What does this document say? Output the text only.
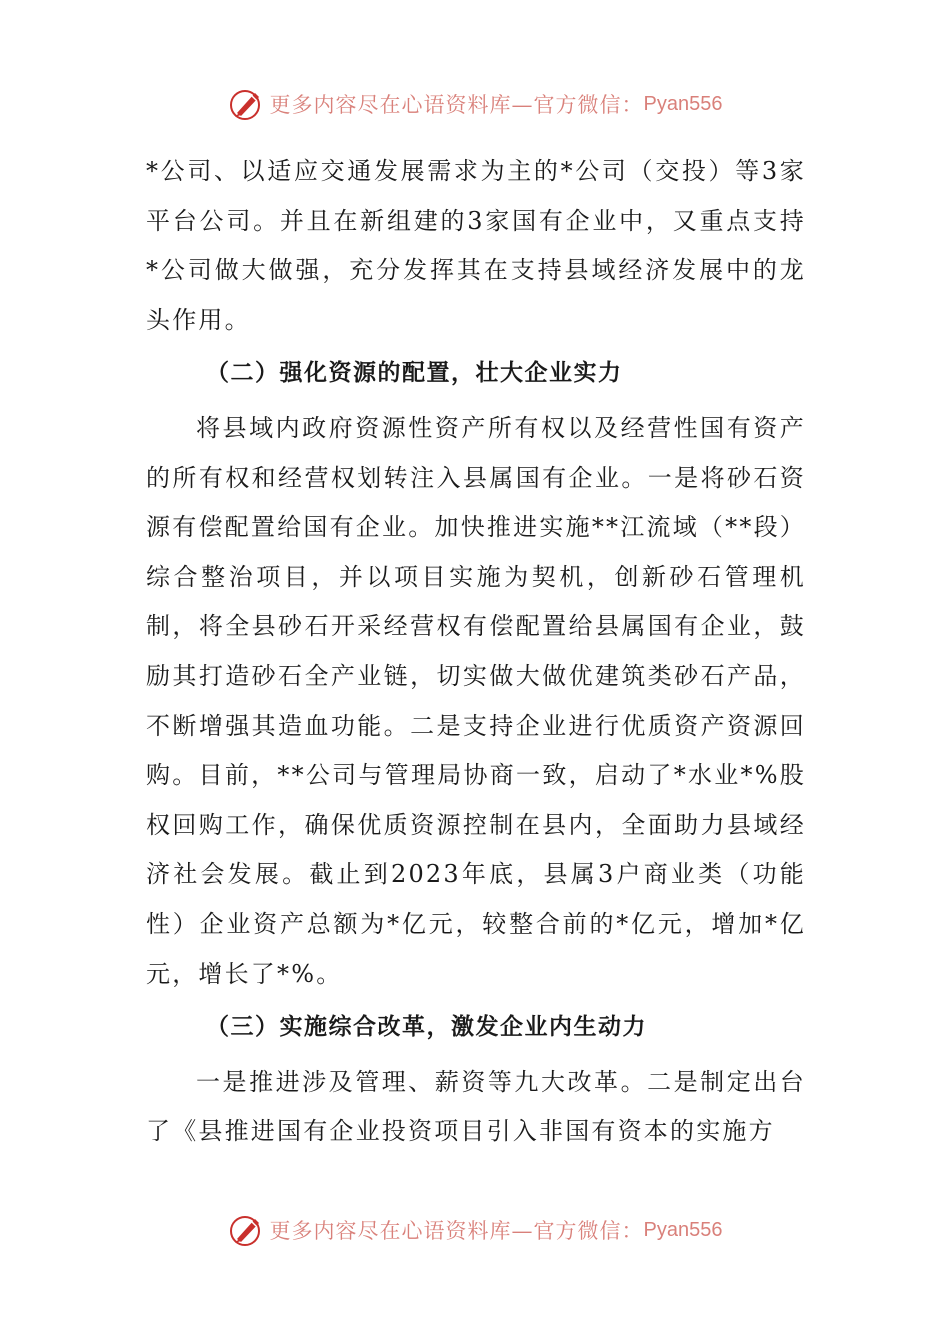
更多内容尽在心语资料库—官方微信： Pyan556

*公司、以适应交通发展需求为主的*公司（交投）等3家平台公司。并且在新组建的3家国有企业中，又重点支持*公司做大做强，充分发挥其在支持县域经济发展中的龙头作用。

（二）强化资源的配置，壮大企业实力

将县域内政府资源性资产所有权以及经营性国有资产的所有权和经营权划转注入县属国有企业。一是将砂石资源有偿配置给国有企业。加快推进实施**江流域（**段）综合整治项目，并以项目实施为契机，创新砂石管理机制，将全县砂石开采经营权有偿配置给县属国有企业，鼓励其打造砂石全产业链，切实做大做优建筑类砂石产品，不断增强其造血功能。二是支持企业进行优质资产资源回购。目前，**公司与管理局协商一致，启动了*水业*%股权回购工作，确保优质资源控制在县内，全面助力县域经济社会发展。截止到2023年底，县属3户商业类（功能性）企业资产总额为*亿元，较整合前的*亿元，增加*亿元，增长了*%。

（三）实施综合改革，激发企业内生动力

一是推进涉及管理、薪资等九大改革。二是制定出台了《县推进国有企业投资项目引入非国有资本的实施方

更多内容尽在心语资料库—官方微信： Pyan556
